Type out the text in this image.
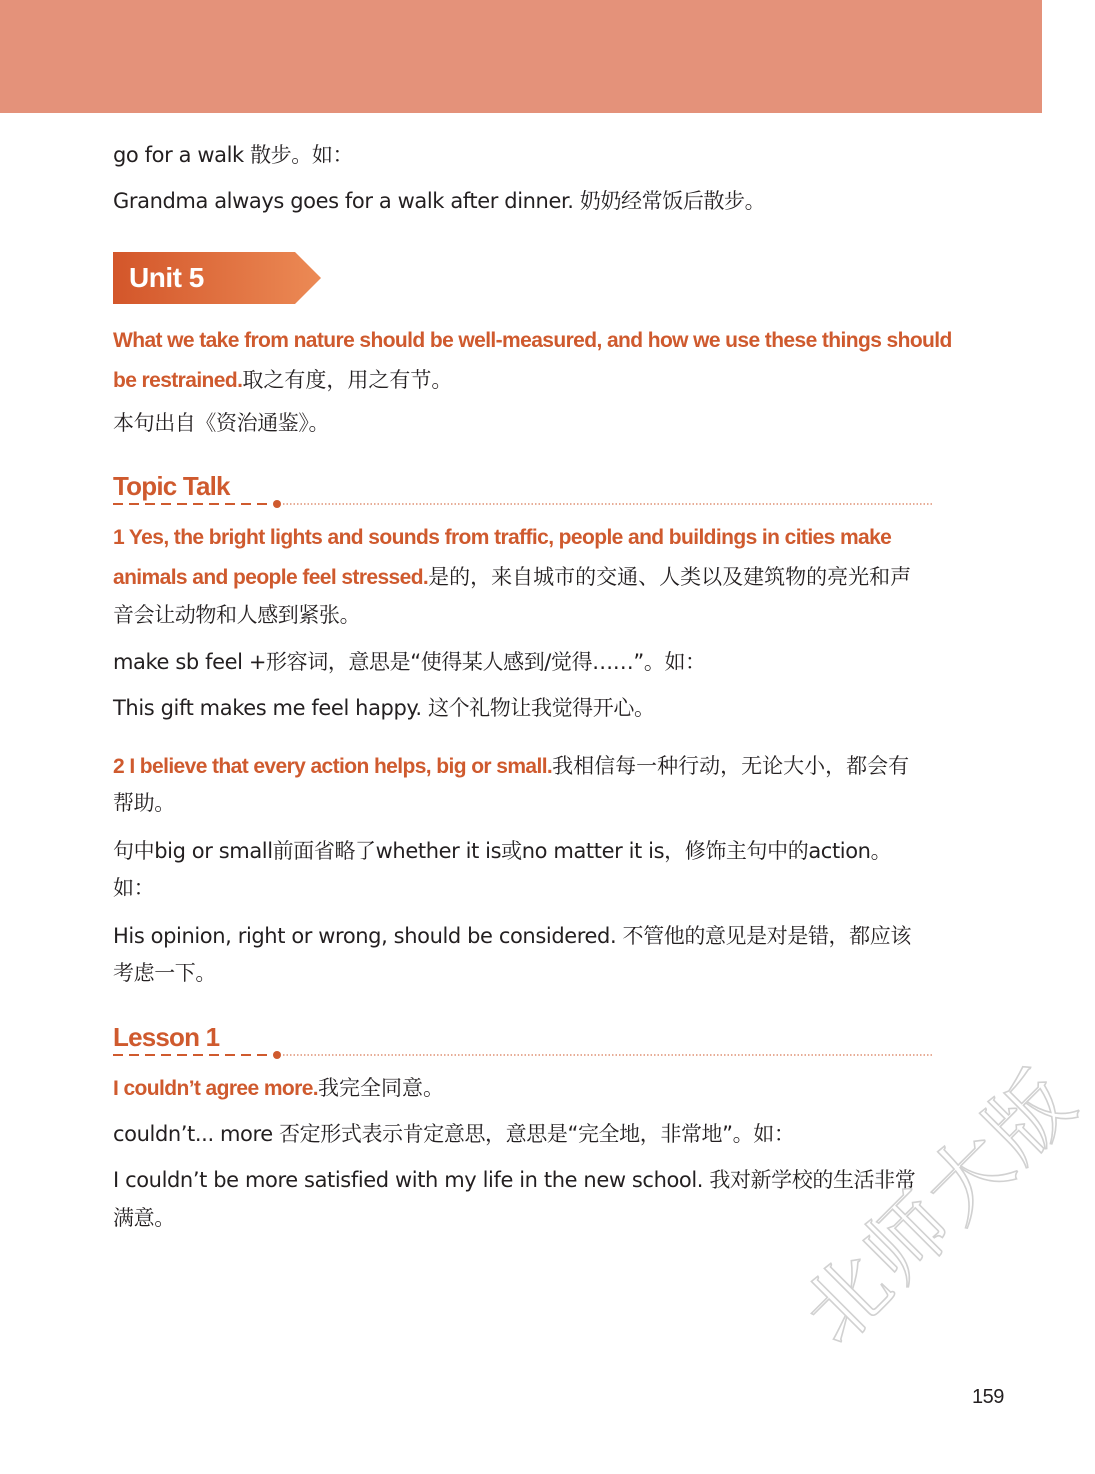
go for a walk 散步。如：

Grandma always goes for a walk after dinner. 奶奶经常饭后散步。

Unit 5

What we take from nature should be well-measured, and how we use these things should

be restrained.取之有度，用之有节。

本句出自《资治通鉴》。

Topic Talk

1 Yes, the bright lights and sounds from traffic, people and buildings in cities make

animals and people feel stressed.是的，来自城市的交通、人类以及建筑物的亮光和声

音会让动物和人感到紧张。

make sb feel +形容词，意思是“使得某人感到/觉得……”。如：

This gift makes me feel happy. 这个礼物让我觉得开心。

2 I believe that every action helps, big or small.我相信每一种行动，无论大小，都会有

帮助。

句中big or small前面省略了whether it is或no matter it is，修饰主句中的action。

如：

His opinion, right or wrong, should be considered. 不管他的意见是对是错，都应该

考虑一下。

Lesson 1

I couldn’t agree more.我完全同意。

couldn’t... more 否定形式表示肯定意思，意思是“完全地，非常地”。如：

I couldn’t be more satisfied with my life in the new school. 我对新学校的生活非常

满意。	北师大版

159
